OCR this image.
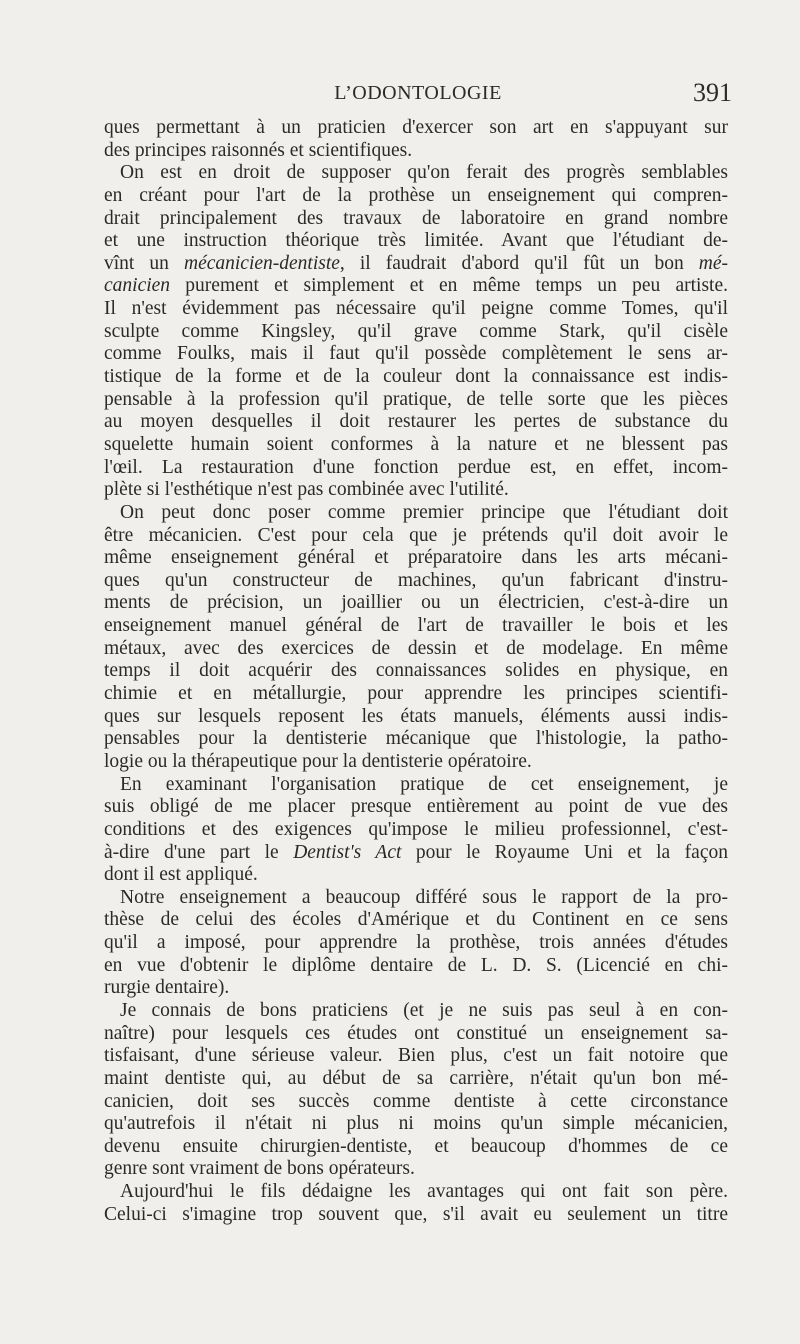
L’ODONTOLOGIE	391
ques permettant à un praticien d'exercer son art en s'appuyant sur
des principes raisonnés et scientifiques.
On est en droit de supposer qu'on ferait des progrès semblables
en créant pour l'art de la prothèse un enseignement qui compren-
drait principalement des travaux de laboratoire en grand nombre
et une instruction théorique très limitée. Avant que l'étudiant de-
vînt un mécanicien-dentiste, il faudrait d'abord qu'il fût un bon mé-
canicien purement et simplement et en même temps un peu artiste.
Il n'est évidemment pas nécessaire qu'il peigne comme Tomes, qu'il
sculpte comme Kingsley, qu'il grave comme Stark, qu'il cisèle
comme Foulks, mais il faut qu'il possède complètement le sens ar-
tistique de la forme et de la couleur dont la connaissance est indis-
pensable à la profession qu'il pratique, de telle sorte que les pièces
au moyen desquelles il doit restaurer les pertes de substance du
squelette humain soient conformes à la nature et ne blessent pas
l'œil. La restauration d'une fonction perdue est, en effet, incom-
plète si l'esthétique n'est pas combinée avec l'utilité.
On peut donc poser comme premier principe que l'étudiant doit
être mécanicien. C'est pour cela que je prétends qu'il doit avoir le
même enseignement général et préparatoire dans les arts mécani-
ques qu'un constructeur de machines, qu'un fabricant d'instru-
ments de précision, un joaillier ou un électricien, c'est-à-dire un
enseignement manuel général de l'art de travailler le bois et les
métaux, avec des exercices de dessin et de modelage. En même
temps il doit acquérir des connaissances solides en physique, en
chimie et en métallurgie, pour apprendre les principes scientifi-
ques sur lesquels reposent les états manuels, éléments aussi indis-
pensables pour la dentisterie mécanique que l'histologie, la patho-
logie ou la thérapeutique pour la dentisterie opératoire.
En examinant l'organisation pratique de cet enseignement, je
suis obligé de me placer presque entièrement au point de vue des
conditions et des exigences qu'impose le milieu professionnel, c'est-
à-dire d'une part le Dentist's Act pour le Royaume Uni et la façon
dont il est appliqué.
Notre enseignement a beaucoup différé sous le rapport de la pro-
thèse de celui des écoles d'Amérique et du Continent en ce sens
qu'il a imposé, pour apprendre la prothèse, trois années d'études
en vue d'obtenir le diplôme dentaire de L. D. S. (Licencié en chi-
rurgie dentaire).
Je connais de bons praticiens (et je ne suis pas seul à en con-
naître) pour lesquels ces études ont constitué un enseignement sa-
tisfaisant, d'une sérieuse valeur. Bien plus, c'est un fait notoire que
maint dentiste qui, au début de sa carrière, n'était qu'un bon mé-
canicien, doit ses succès comme dentiste à cette circonstance
qu'autrefois il n'était ni plus ni moins qu'un simple mécanicien,
devenu ensuite chirurgien-dentiste, et beaucoup d'hommes de ce
genre sont vraiment de bons opérateurs.
Aujourd'hui le fils dédaigne les avantages qui ont fait son père.
Celui-ci s'imagine trop souvent que, s'il avait eu seulement un titre
